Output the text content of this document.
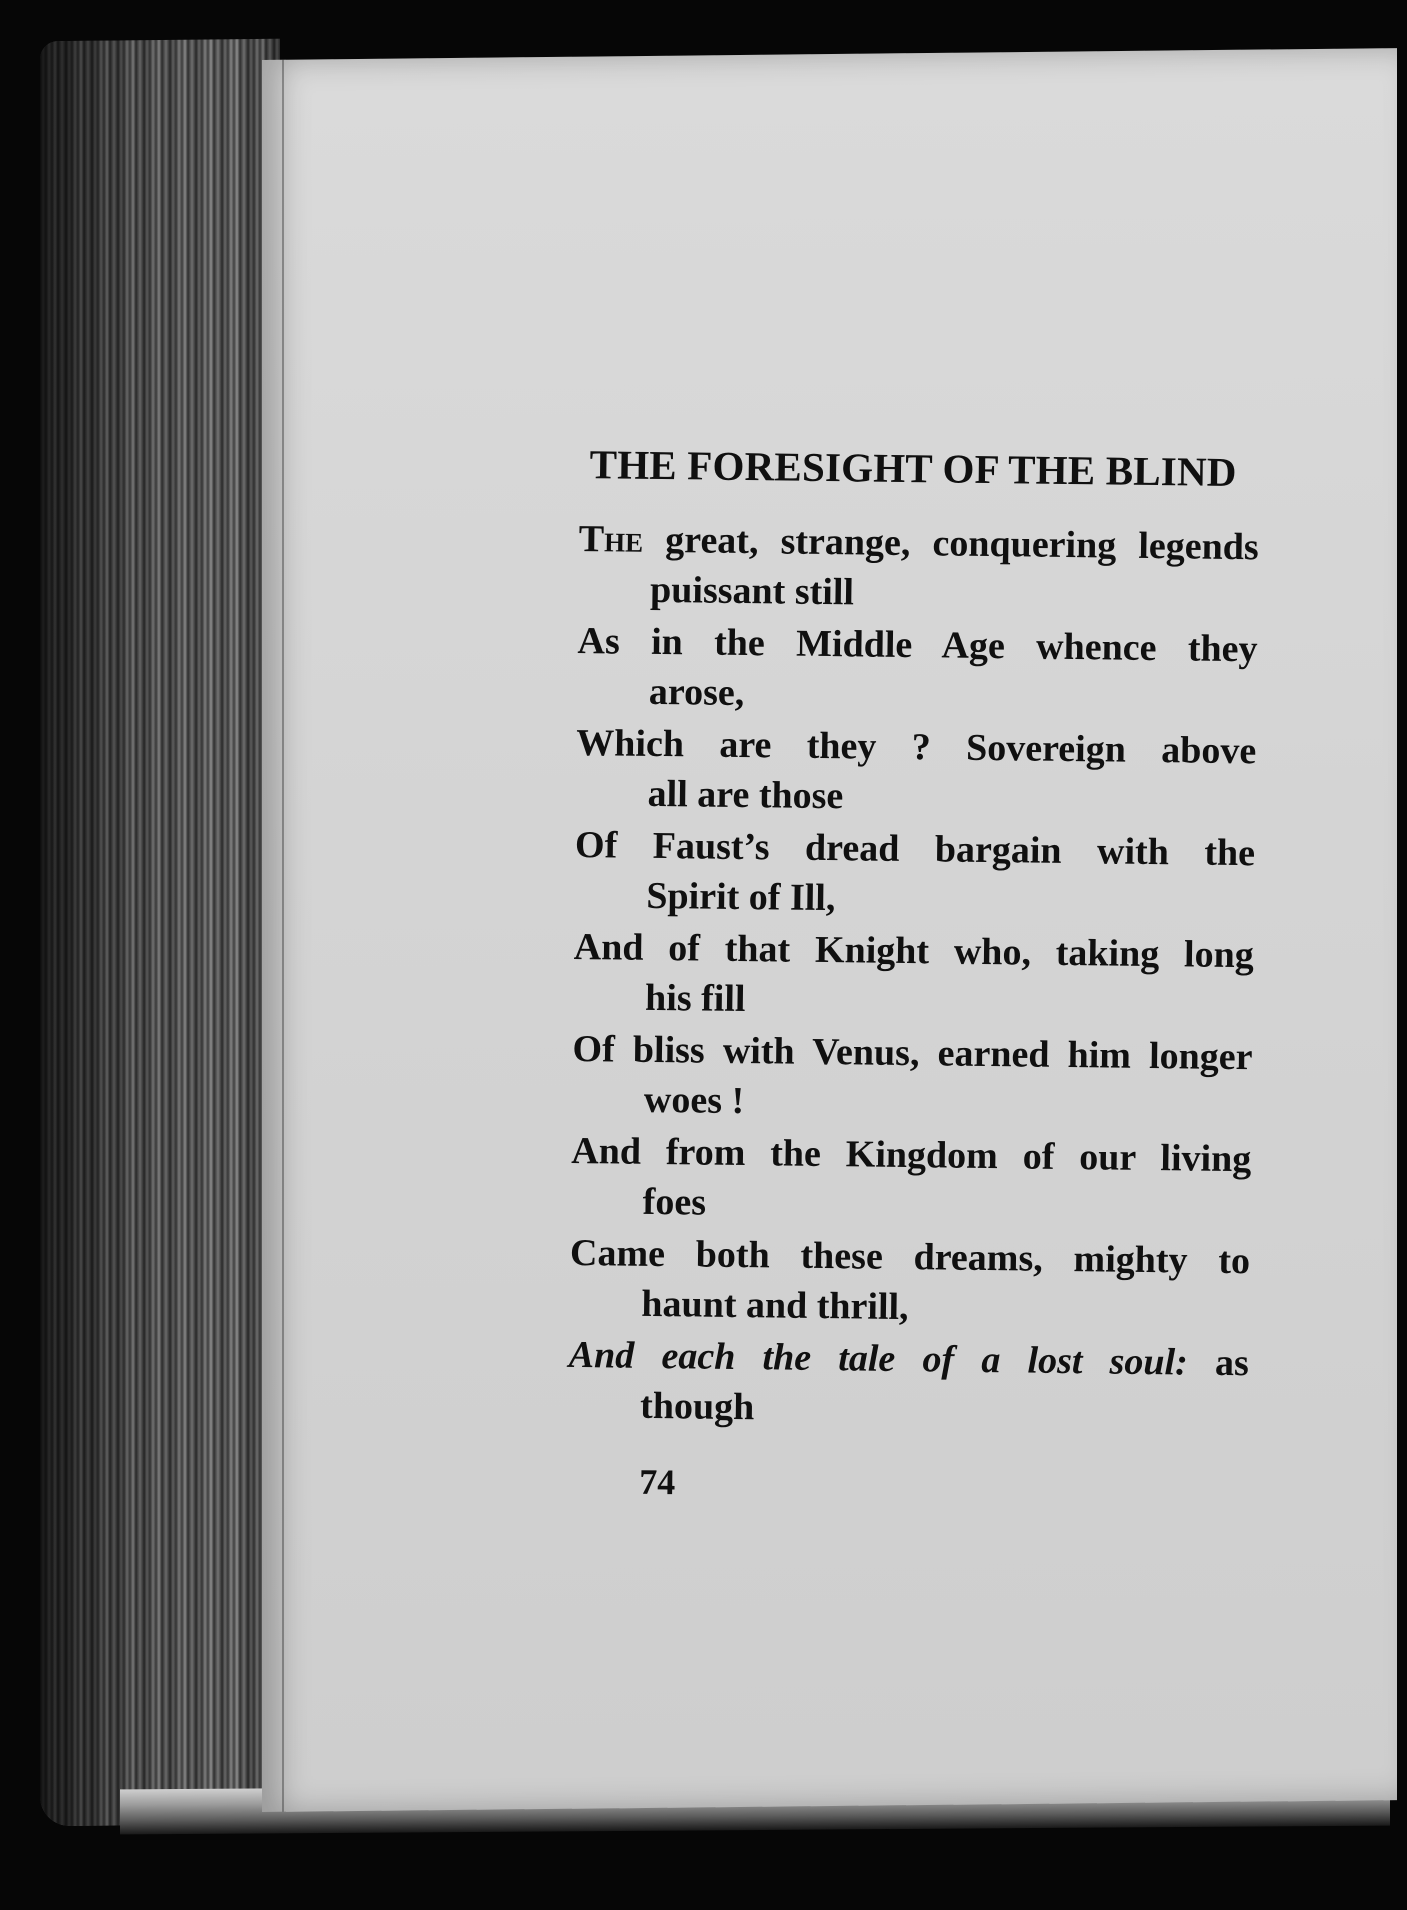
THE FORESIGHT OF THE BLIND
The great, strange, conquering legends
puissant still
As in the Middle Age whence they
arose,
Which are they ? Sovereign above
all are those
Of Faust’s dread bargain with the
Spirit of Ill,
And of that Knight who, taking long
his fill
Of bliss with Venus, earned him longer
woes !
And from the Kingdom of our living
foes
Came both these dreams, mighty to
haunt and thrill,
And each the tale of a lost soul: as
though
74
